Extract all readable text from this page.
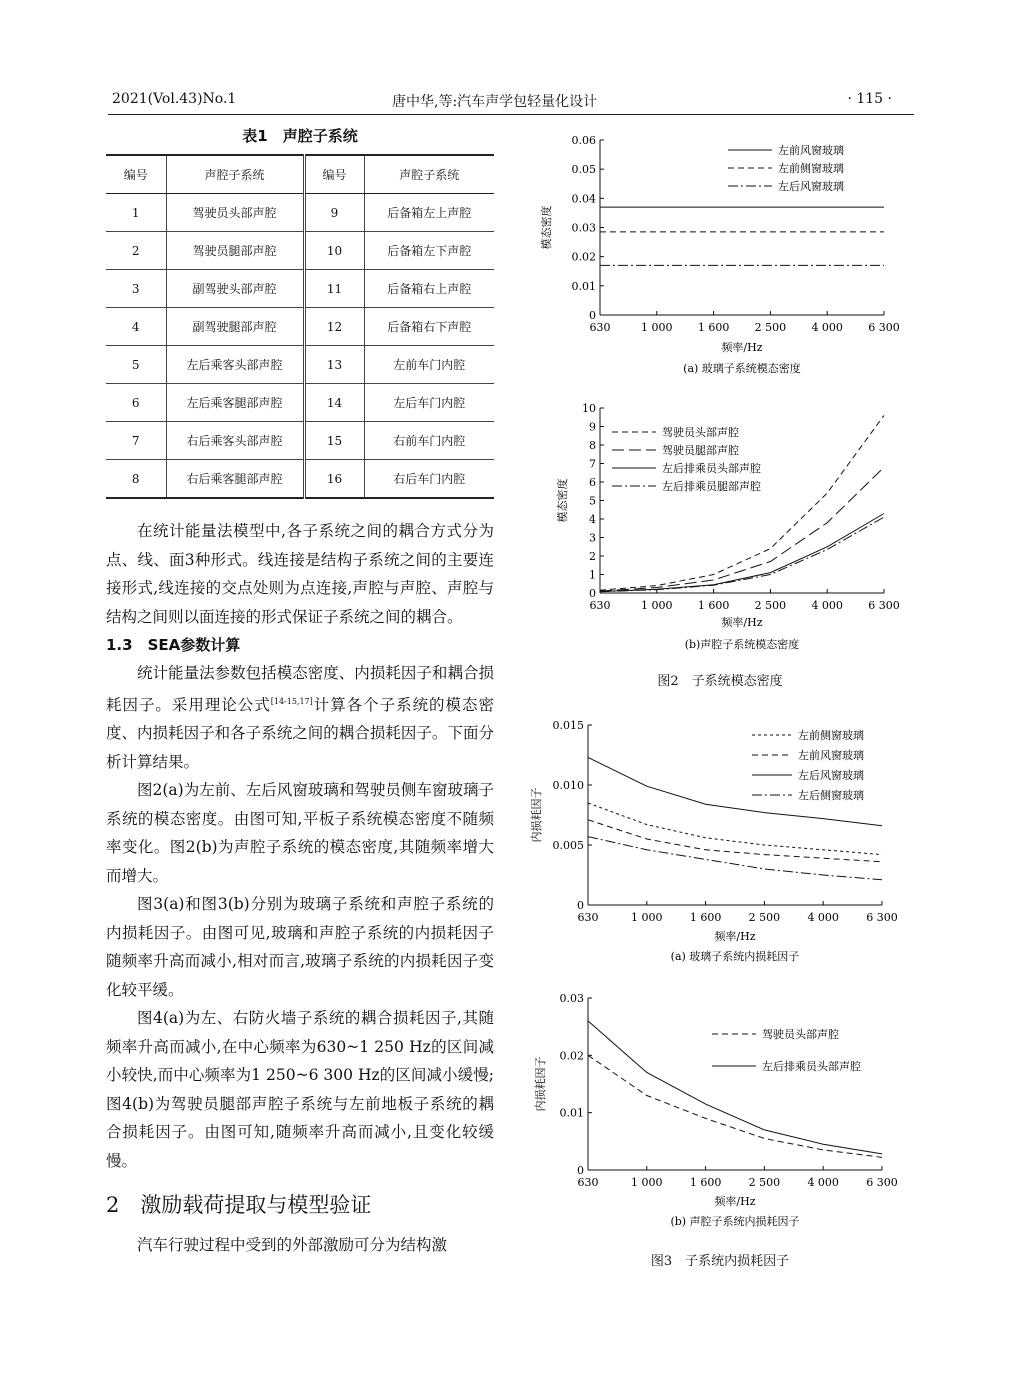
2021(Vol.43)No.1	唐中华,等:汽车声学包轻量化设计	· 115 ·
表1　声腔子系统
编号	声腔子系统	编号	声腔子系统
1	驾驶员头部声腔	9	后备箱左上声腔
2	驾驶员腿部声腔	10	后备箱左下声腔
3	副驾驶头部声腔	11	后备箱右上声腔
4	副驾驶腿部声腔	12	后备箱右下声腔
5	左后乘客头部声腔	13	左前车门内腔
6	左后乘客腿部声腔	14	左后车门内腔
7	右后乘客头部声腔	15	右前车门内腔
8	右后乘客腿部声腔	16	右后车门内腔

在统计能量法模型中,各子系统之间的耦合方式分为点、线、面3种形式。线连接是结构子系统之间的主要连接形式,线连接的交点处则为点连接,声腔与声腔、声腔与结构之间则以面连接的形式保证子系统之间的耦合。

1.3　SEA参数计算

统计能量法参数包括模态密度、内损耗因子和耦合损耗因子。采用理论公式[14-15,17]计算各个子系统的模态密度、内损耗因子和各子系统之间的耦合损耗因子。下面分析计算结果。

图2(a)为左前、左后风窗玻璃和驾驶员侧车窗玻璃子系统的模态密度。由图可知,平板子系统模态密度不随频率变化。图2(b)为声腔子系统的模态密度,其随频率增大而增大。

图3(a)和图3(b)分别为玻璃子系统和声腔子系统的内损耗因子。由图可见,玻璃和声腔子系统的内损耗因子随频率升高而减小,相对而言,玻璃子系统的内损耗因子变化较平缓。

图4(a)为左、右防火墙子系统的耦合损耗因子,其随频率升高而减小,在中心频率为630~1 250 Hz的区间减小较快,而中心频率为1 250~6 300 Hz的区间减小缓慢;图4(b)为驾驶员腿部声腔子系统与左前地板子系统的耦合损耗因子。由图可知,随频率升高而减小,且变化较缓慢。

2　激励载荷提取与模型验证

汽车行驶过程中受到的外部激励可分为结构激

0
0.01
0.02
0.03
0.04
0.05
0.06
630	1 000 1 600 2 500 4 000 6 300
频率/Hz
模态密度
左前风窗玻璃
左前侧窗玻璃
左后风窗玻璃
(a) 玻璃子系统模态密度
0
1
2
3
4
5
6
7
8
9
10
630	1 000 1 600 2 500 4 000 6 300
频率/Hz
模态密度
驾驶员头部声腔
驾驶员腿部声腔
左后排乘员头部声腔
左后排乘员腿部声腔
(b)声腔子系统模态密度
0
0.005
0.010
0.015
630	1 000 1 600 2 500 4 000 6 300
频率/Hz
内损耗因子
左前侧窗玻璃
左前风窗玻璃
左后风窗玻璃
左后侧窗玻璃
(a) 玻璃子系统内损耗因子
0
0.01
0.02
0.03
630	1 000 1 600 2 500 4 000 6 300
频率/Hz
内损耗因子
驾驶员头部声腔
左后排乘员头部声腔
(b) 声腔子系统内损耗因子
图2　子系统模态密度
图3　子系统内损耗因子
